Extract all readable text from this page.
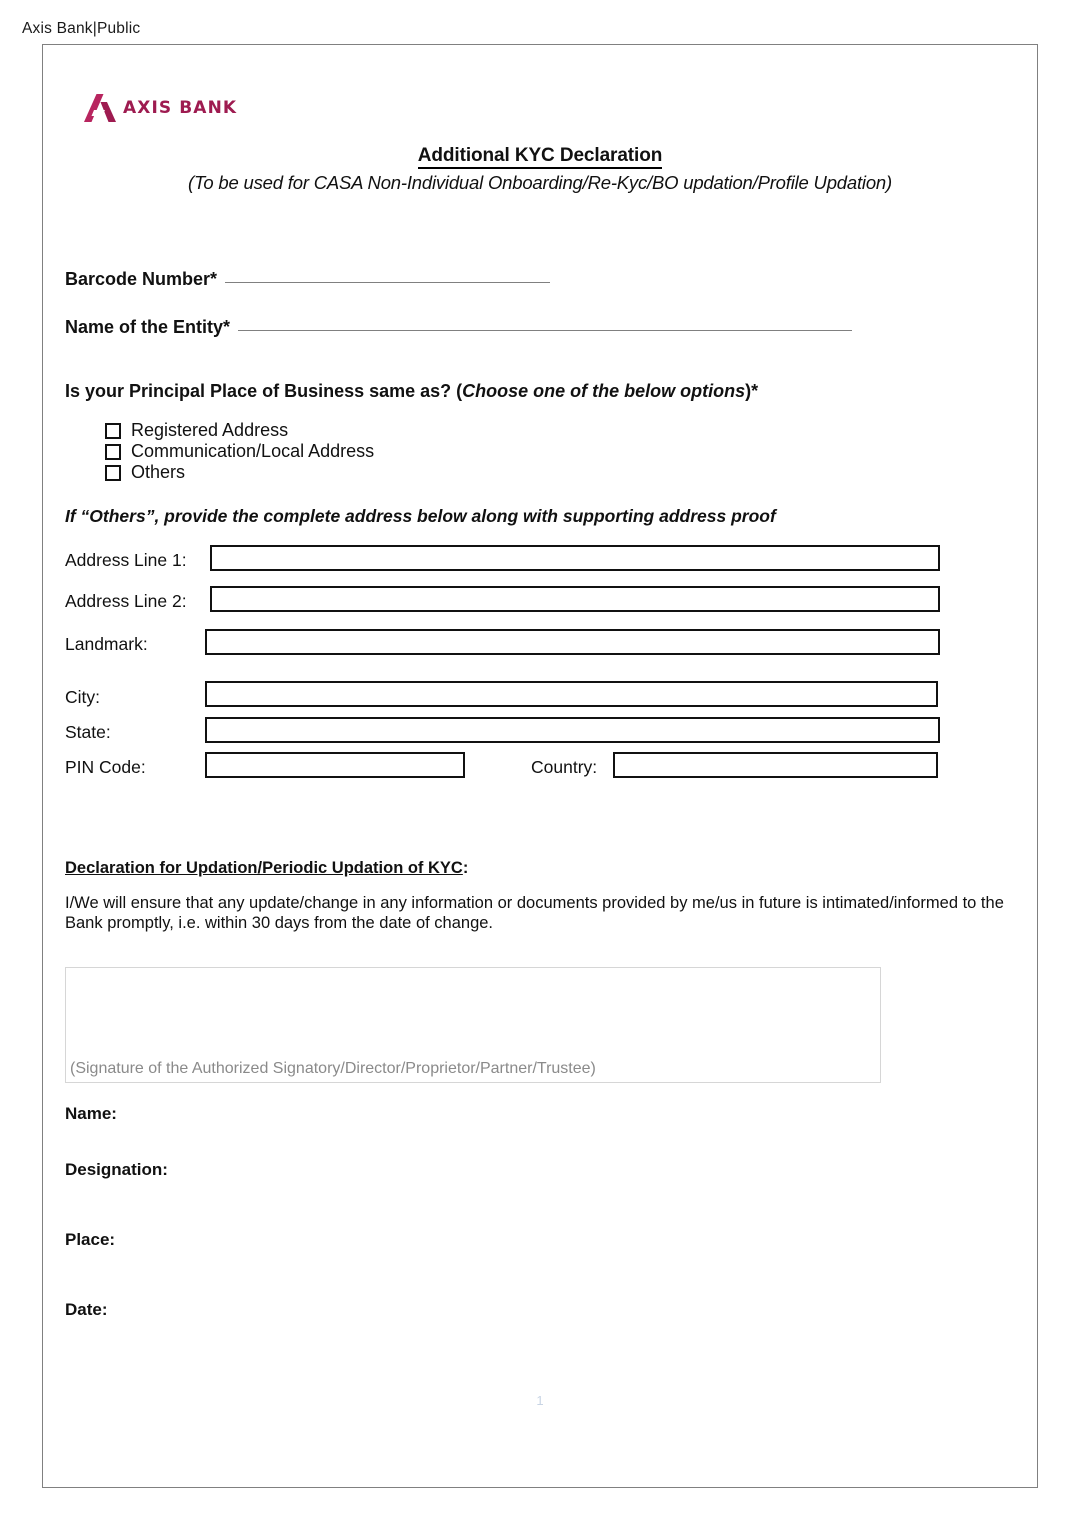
Axis Bank|Public
AXIS BANK
Additional KYC Declaration
(To be used for CASA Non-Individual Onboarding/Re-Kyc/BO updation/Profile Updation)
Barcode Number*
Name of the Entity*
Is your Principal Place of Business same as? (Choose one of the below options)*
Registered Address
Communication/Local Address
Others
If “Others”, provide the complete address below along with supporting address proof
Address Line 1:
Address Line 2:
Landmark:
City:
State:
PIN Code:	Country:
Declaration for Updation/Periodic Updation of KYC:
I/We will ensure that any update/change in any information or documents provided by me/us in future is intimated/informed to the Bank promptly, i.e. within 30 days from the date of change.
(Signature of the Authorized Signatory/Director/Proprietor/Partner/Trustee)
Name:
Designation:
Place:
Date:
1
